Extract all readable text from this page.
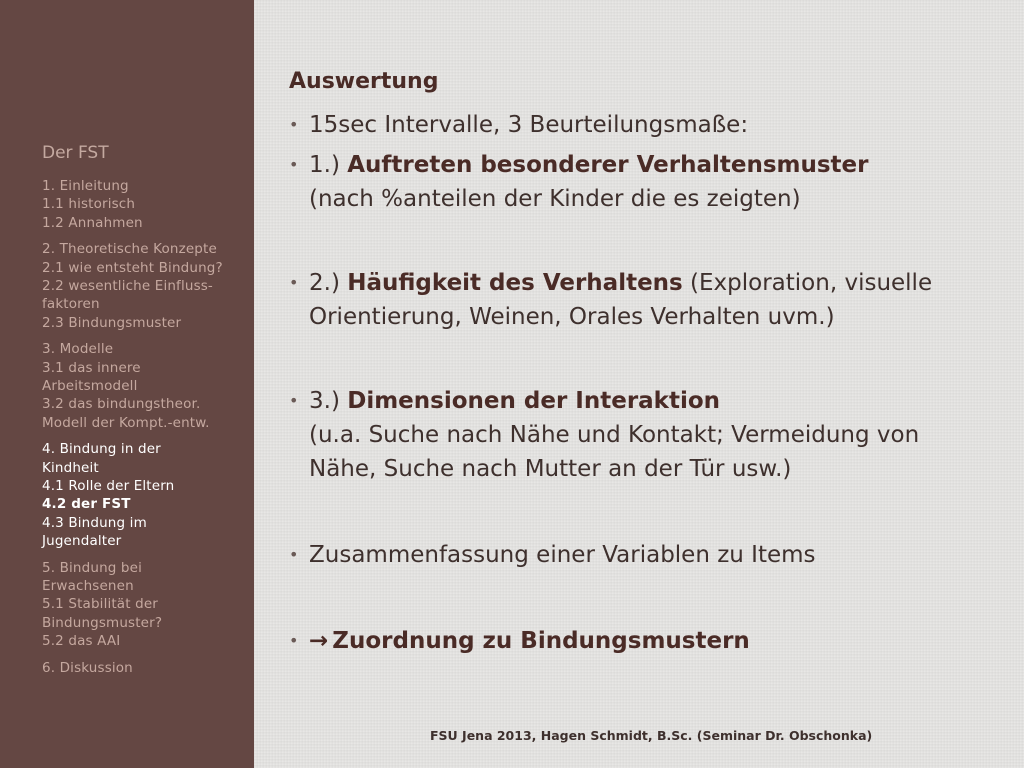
Der FST
1. Einleitung
1.1 historisch
1.2 Annahmen
2. Theoretische Konzepte
2.1 wie entsteht Bindung?
2.2 wesentliche Einfluss-
faktoren
2.3 Bindungsmuster
3. Modelle
3.1 das innere
Arbeitsmodell
3.2 das bindungstheor.
Modell der Kompt.-entw.
4. Bindung in der
Kindheit
4.1 Rolle der Eltern
4.2 der FST
4.3 Bindung im
Jugendalter
5. Bindung bei
Erwachsenen
5.1 Stabilität der
Bindungsmuster?
5.2 das AAI
6. Diskussion
Auswertung
• 15sec Intervalle, 3 Beurteilungsmaße:
• 1.) Auftreten besonderer Verhaltensmuster
(nach %anteilen der Kinder die es zeigten)
• 2.) Häufigkeit des Verhaltens (Exploration, visuelle
Orientierung, Weinen, Orales Verhalten uvm.)
• 3.) Dimensionen der Interaktion
(u.a. Suche nach Nähe und Kontakt; Vermeidung von
Nähe, Suche nach Mutter an der Tür usw.)
• Zusammenfassung einer Variablen zu Items
• → Zuordnung zu Bindungsmustern
FSU Jena 2013, Hagen Schmidt, B.Sc. (Seminar Dr. Obschonka)
